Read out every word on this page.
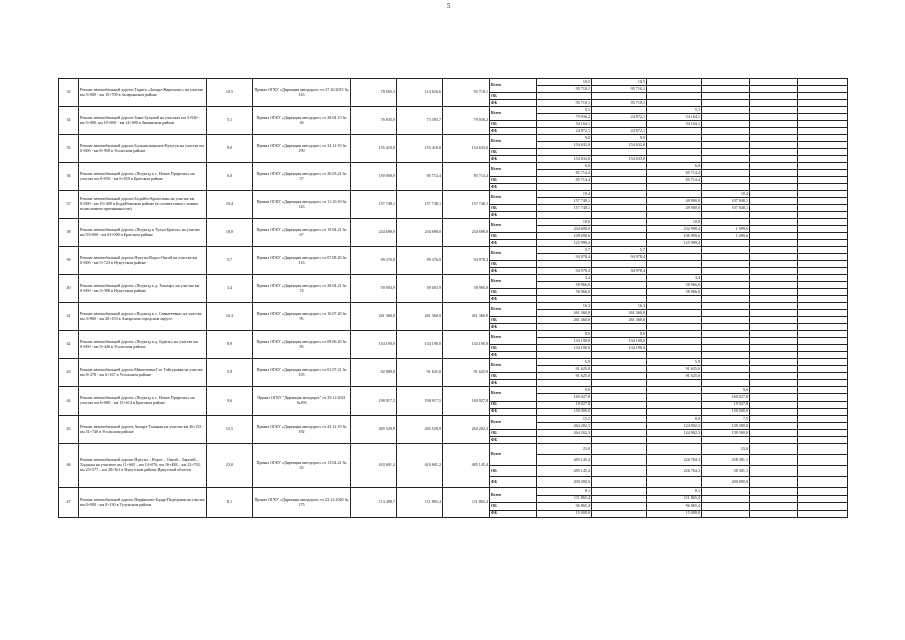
5
33	Ремонт автомобильной дороги Тырегь «Захаро-Жаргаловс» на участке км 5+000 - км 15+700 в Заларинском районе	10,5	Приказ ОГКУ «Дирекция автодорог» от 27.10.2015 № 143	78 565,3	114 616,6	95 710,1	Всего	10,5	10,5				
								95 710,1	95 710,1				
							ОБ						
							ФБ	95 710,1	95 710,1				
34	Ремонт автомобильной дороги Зима-Зулумай на участках км 3+920 - км 5+000, км 10+000 - км 14+000 в Зиминском районе	5,1	Приказ ОГКУ «Дирекция автодорог» от 28.04.15 № 36	76 835,0	73 393,7	79 036,2	Всего	5,1		5,1			
								79 036,2	24 872,1	54 164,1			
							ОБ	54 164,1		54 164,1			
							ФБ	24 872,1	24 872,1				
35	Ремонт автомобильной дороги Большеокинское-Кулугук на участке км 0+000 - км 8+958 в Усольском районе	9,0	Приказ ОГКУ «Дирекция автодорог» от 24.12.19 № 190	155 410,0	155 410,0	154 633,0	Всего	9,0	9,0				
								154 633,0	154 633,0				
							ОБ						
							ФБ	154 633,0	154 633,0				
36	Ремонт автомобильной дороги «Подъезд к с. Новое Приречье» на участке км 0+050 - км 6+050 в Братском районе	6,0	Приказ ОГКУ «Дирекция автодорог» от 26.03.21 № 37	150 000,0	85 714,4	85 714,4	Всего	6,0		6,0			
								85 714,4		85 714,4			
							ОБ	85 714,4		85 714,4			
							ФБ						
37	Ремонт автомобильной дороги Бодайбо-Кропоткин на участке км 0+000 - км 10+400 в Бодайбинском районе (в соответствии с новым исчислением протяженности)	10,4	Приказ ОГКУ «Дирекция автодорог» от 11.10.19 № 143	157 748,1	157 748,1	157 748,1	Всего	10,4			10,4		
								157 748,1		49 900,0	107 848,1		
							ОБ	157 748,1		49 900,0	107 848,1		
							ФБ						
38	Ремонт автомобильной дороги «Подъезд к Тулун-Братск» на участке км 53+000 - км 63+000 в Братском районе	10,0	Приказ ОГКУ «Дирекция автодорог» от 19.04.21 № 67	234 698,0	234 698,0	234 698,0	Всего	10,0		10,0			
								234 698,0		232 998,4	1 699,6		
							ОБ	108 698,6		106 999,0	1 699,6		
							ФБ	125 999,4		125 999,4			
39	Ремонт автомобильной дороги Нукуты-Ворот-Онгой на участке км 0+000 - км 5+723 в Нукутском районе	5,7	Приказ ОГКУ «Дирекция автодорог» от 07.08.20 № 116	99 376,0	99 376,0	94 978,4	Всего	5,7	5,7				
								94 978,4	94 978,4				
							ОБ						
							ФБ	94 978,4	94 978,4				
40	Ремонт автомобильной дороги «Подъезд к д. Хамхар» на участке км 0+000 - км 3+398 в Нукутском районе	3,4	Приказ ОГКУ «Дирекция автодорог» от 28.04.21 № 74	59 003,9	59 003,9	58 966,0	Всего	3,4		3,4			
								58 966,0		58 966,0			
							ОБ	58 966,0		58 966,0			
							ФБ						
41	Ремонт автомобильной дороги «Подъезд к с. Савватеевка» на участке км 3+860 - км 20+193 в Ангарском городском округе	16,3	Приказ ОГКУ «Дирекция автодорог» от 10.07.20 № 95	261 360,0	261 360,0	261 360,0	Всего	16,3	16,3				
								261 360,0	261 360,0				
							ОБ	261 360,0	261 360,0				
							ФБ						
42	Ремонт автомобильной дороги «Подъезд к д. Буреть» на участке км 0+000 - км 9+446 в Усольском районе	8,9	Приказ ОГКУ «Дирекция автодорог» от 09.06.20 № 83	134 190,0	134 190,0	134 190,0	Всего	8,9	8,9				
								134 190,0	134 190,0				
							ОБ	134 190,0	134 190,0				
							ФБ						
43	Ремонт автомобильной дороги Мишелевка-Сас Тайтуровка на участке км 0+278 - км 6+167 в Усольском районе	5,9	Приказ ОГКУ «Дирекция автодорог» от 01.07.21 № 105	92 089,0	91 625,0	91 625,0	Всего	5,9		5,9			
								91 625,0		91 625,0			
							ОБ	91 625,0		91 625,0			
							ФБ						
44	Ремонт автомобильной дороги «Подъезд к с. Новое Приречье» на участке км 6+000 - км 15+614 в Братском районе	9,6	Приказ ОГКУ "Дирекция автодорог" от 29.12.2021 №196	198 917,5	198 917,5	169 027,8	Всего	9,6			9,6		
								169 027,8			169 027,8		
							ОБ	19 027,8			19 027,8		
							ФБ	150 000,0			150 000,0		
45	Ремонт автомобильной дороги Ангара-Тальяны на участке км 36+251 - км 51+740 в Усольском районе	15,5	Приказ ОГКУ «Дирекция автодорог» от 25.12.19 № 192	265 529,9	265 529,9	264 202,3	Всего	15,5		8,0	7,5		
								264 202,3		124 902,3	139 300,0		
							ОБ	264 202,3		124 902,3	139 300,0		
							ФБ						
46	Ремонт автомобильной дороги Нукуты – Ворот – Онгой – Закулей – Хадахан на участках км 11+665 – км 14+076, км 16+488 – км 22+702, км 23+577 – км 38+361 в Нукутском районе Иркутской области	23,0	Приказ ОГКУ «Дирекция автодорог» от 13.04.21 № 55	410 601,2	410 601,2	485 145,4	Всего	23,0			23,0		
								485 145,4		226 764,3	258 381,1		
							ОБ	285 145,4		226 764,3	58 381,1		
							ФБ	200 000,0			200 000,0		
47	Ремонт автомобильной дороги Перфилово-Бадар-Подгорная на участке км 0+000 - км 8+130 в Тулунском районе	8,1	Приказ ОГКУ «Дирекция автодорог» от 22.12.2020 № 175	113 498,7	111 865,4	111 865,4	Всего	8,1		8,1			
								111 865,4		111 865,4			
							ОБ	96 865,4		96 865,4			
							ФБ	15 000,0		15 000,0			
